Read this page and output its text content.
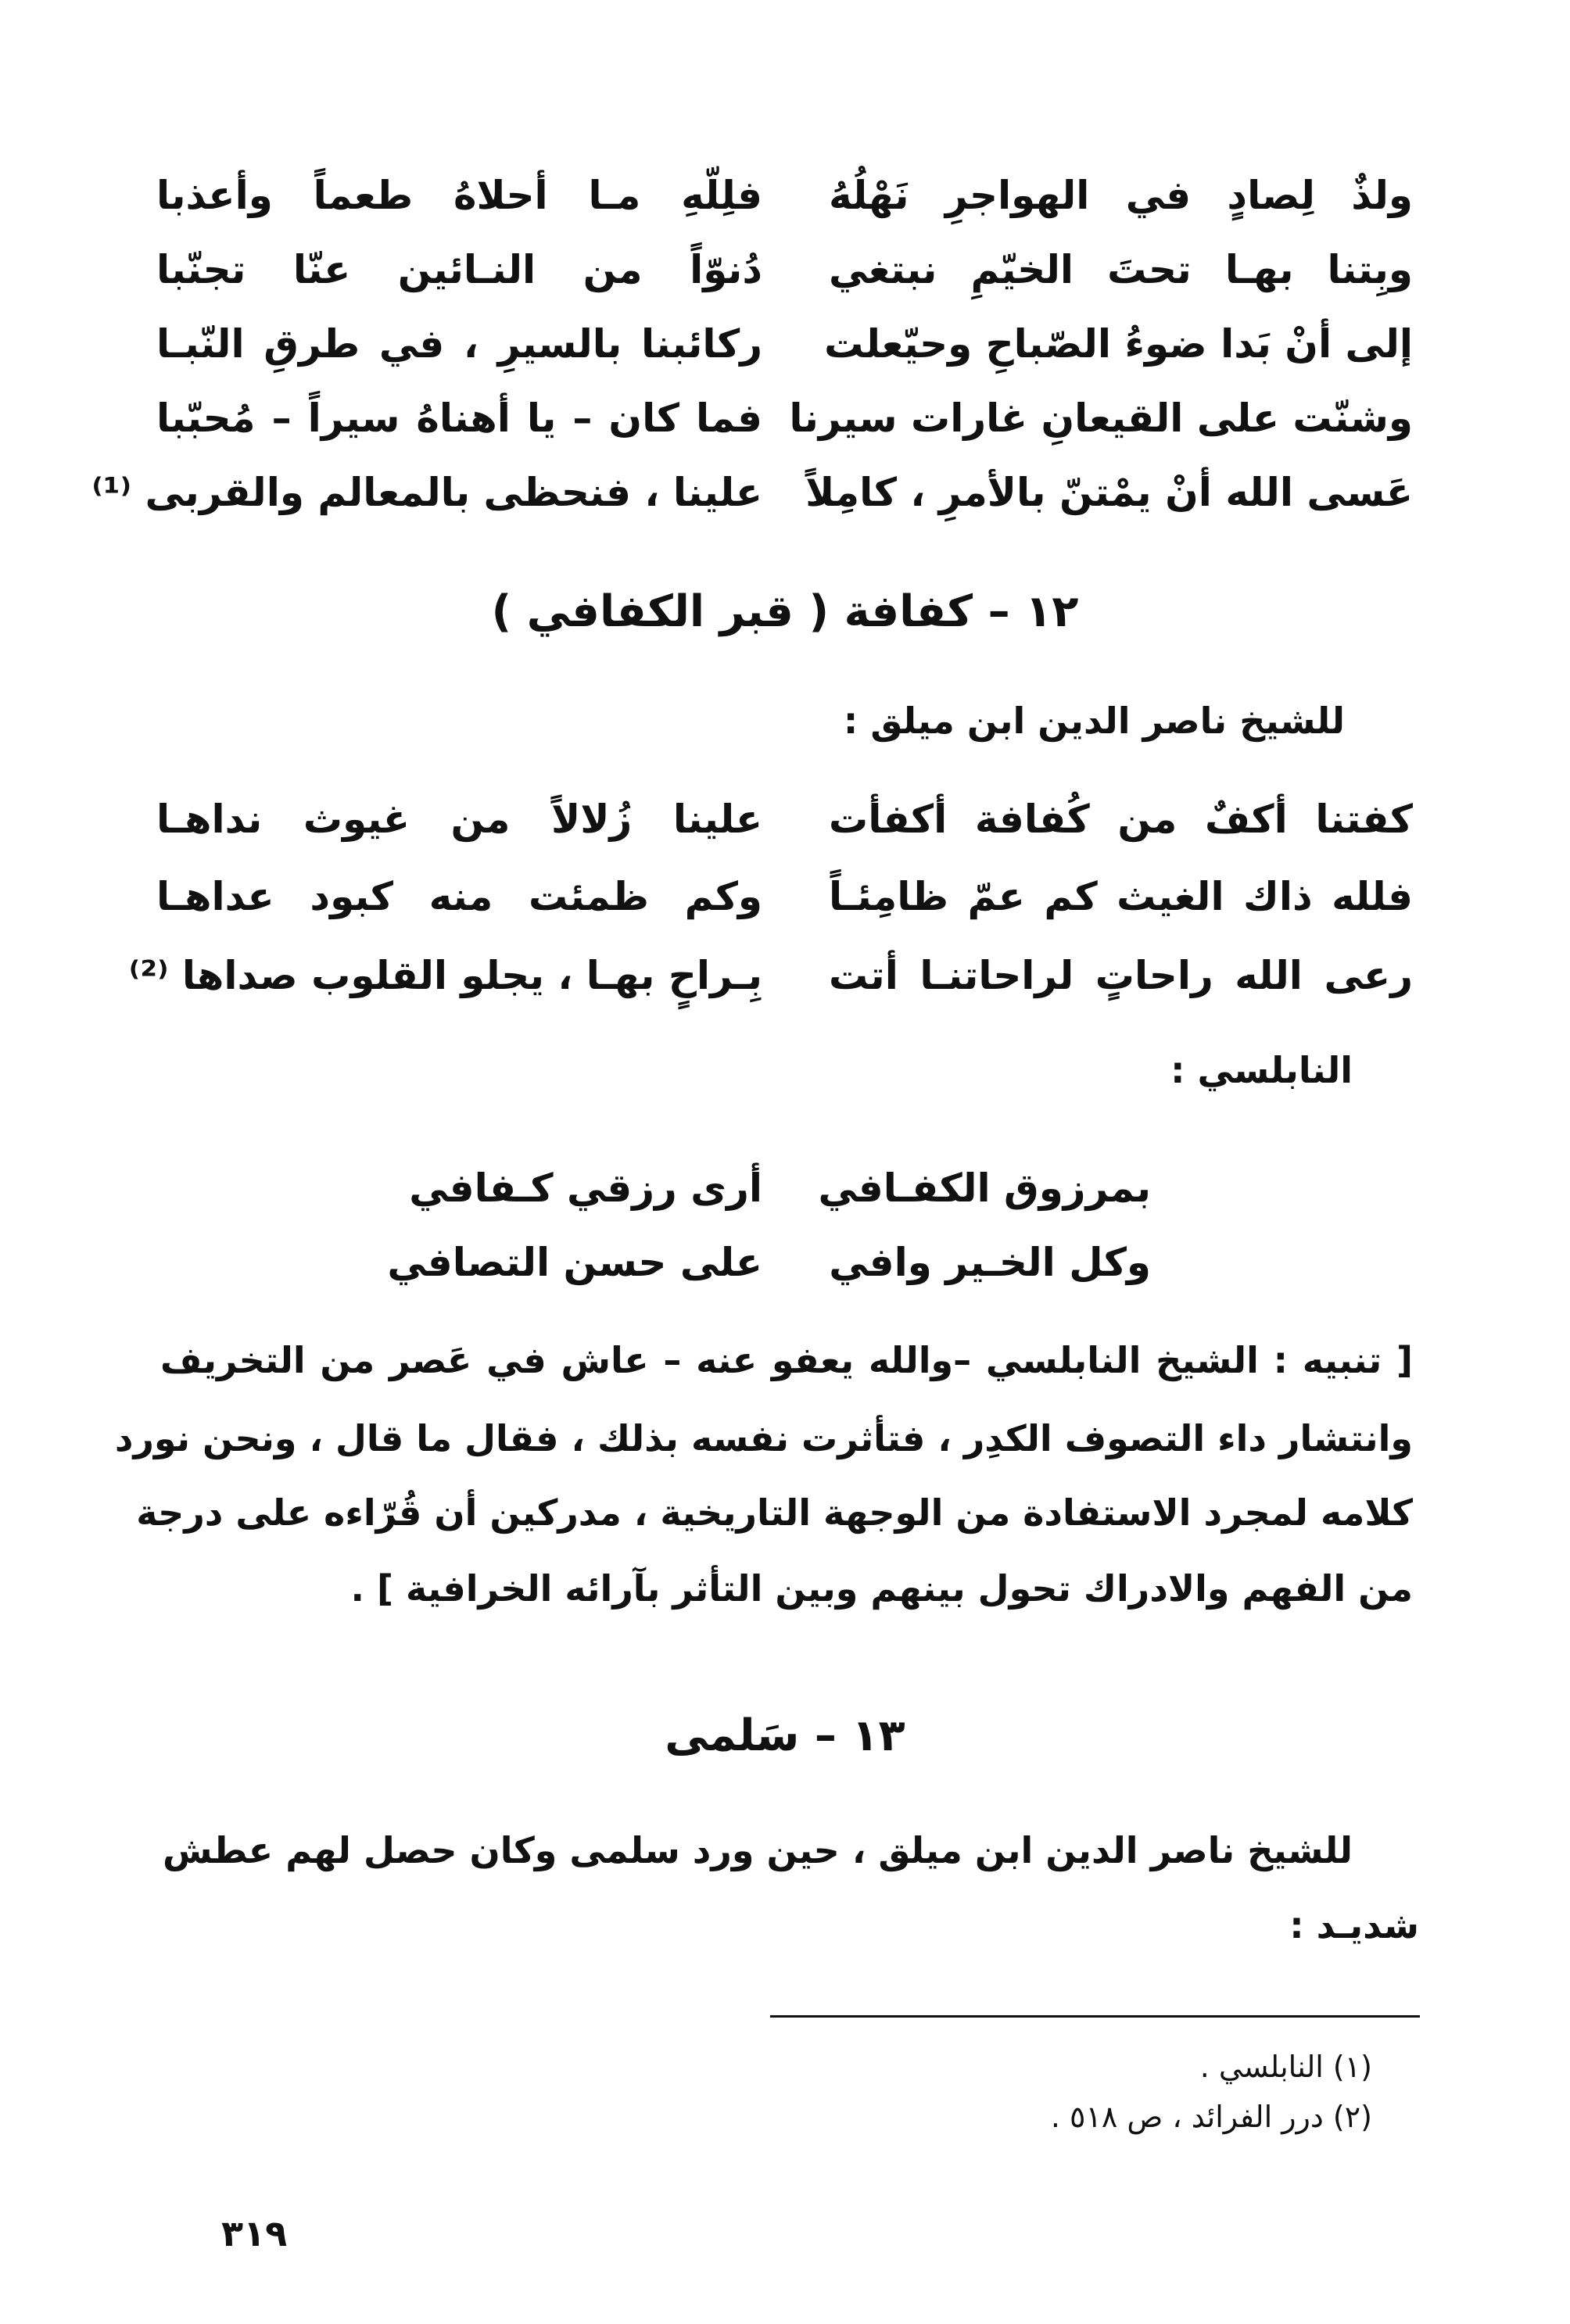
ولذٌ لِصادٍ في الهواجرِ نَهْلُهُ
فلِلّهِ مـا أحلاهُ طعماً وأعذبا
وبِتنا بهـا تحتَ الخيّمِ نبتغي
دُنوّاً من النـائين عنّا تجنّبا
إلى أنْ بَدا ضوءُ الصّباحِ وحيّعلت
ركائبنا بالسيرِ ، في طرقِ النّبـا
وشنّت على القيعانِ غارات سيرنا
فما كان – يا أهناهُ سيراً – مُحبّبا
عَسى الله أنْ يمْتنّ بالأمرِ ، كامِلاً
علينا ، فنحظى بالمعالم والقربى ⁽¹⁾
١٢ – كفافة ( قبر الكفافي )
للشيخ ناصر الدين ابن ميلق :
كفتنا أكفٌ من كُفافة أكفأت
علينا زُلالاً من غيوث نداهـا
فلله ذاك الغيث كم عمّ ظامِئـاً
وكم ظمئت منه كبود عداهـا
رعى الله راحاتٍ لراحاتنـا أتت
بِـراحٍ بهـا ، يجلو القلوب صداها ⁽²⁾
النابلسي :
بمرزوق الكفـافي
أرى رزقي كـفافي
وكل الخـير وافي
على حسن التصافي
[ تنبيه : الشيخ النابلسي –والله يعفو عنه – عاش في عَصر من التخريف
وانتشار داء التصوف الكدِر ، فتأثرت نفسه بذلك ، فقال ما قال ، ونحن نورد
كلامه لمجرد الاستفادة من الوجهة التاريخية ، مدركين أن قُرّاءه على درجة
من الفهم والادراك تحول بينهم وبين التأثر بآرائه الخرافية ] .
١٣ – سَلمى
للشيخ ناصر الدين ابن ميلق ، حين ورد سلمى وكان حصل لهم عطش
شديـد :
(١) النابلسي .
(٢) درر الفرائد ، ص ٥١٨ .
٣١٩
